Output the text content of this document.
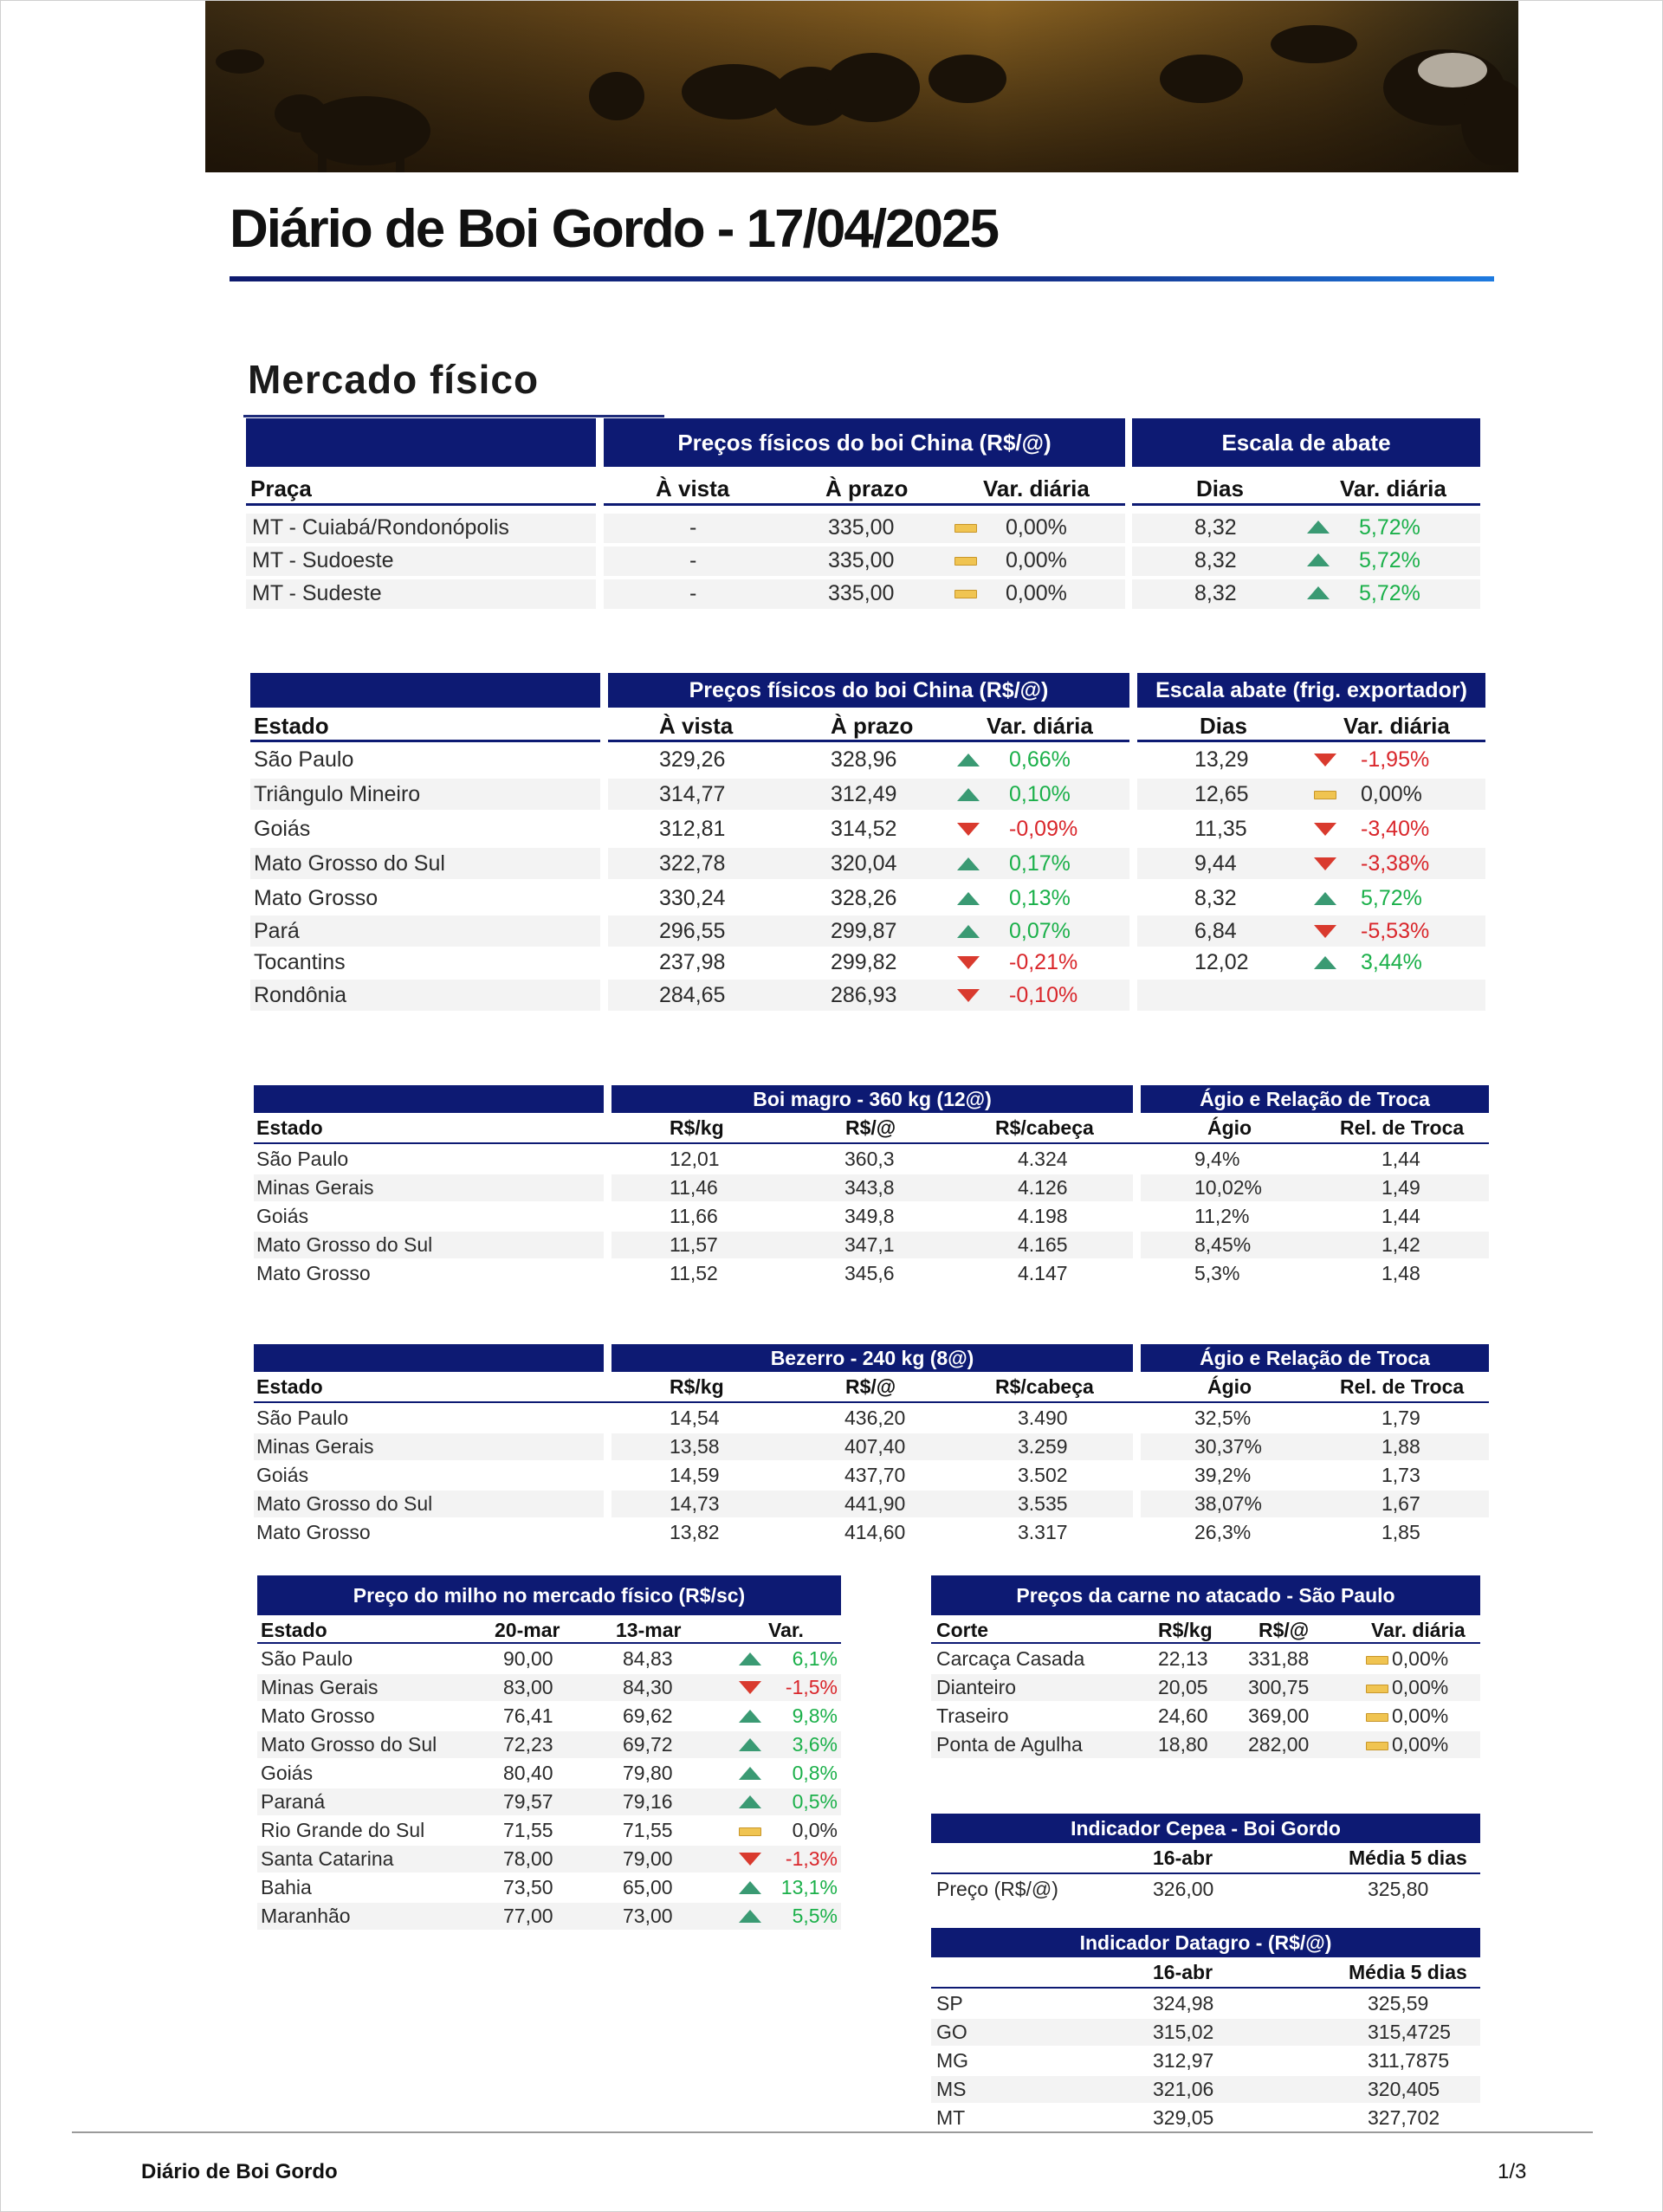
Diário de Boi Gordo - 17/04/2025
Mercado físico
Preços físicos do boi China (R$/@)	Escala de abate
Praça	À vista	À prazo	Var. diária	Dias	Var. diária
MT - Cuiabá/Rondonópolis	-	335,00	0,00%	8,32	5,72%
MT - Sudoeste	-	335,00	0,00%	8,32	5,72%
MT - Sudeste	-	335,00	0,00%	8,32	5,72%
Preços físicos do boi China (R$/@)	Escala abate (frig. exportador)
Estado	À vista	À prazo	Var. diária	Dias	Var. diária
São Paulo	329,26	328,96	0,66%	13,29	-1,95%
Triângulo Mineiro	314,77	312,49	0,10%	12,65	0,00%
Goiás	312,81	314,52	-0,09%	11,35	-3,40%
Mato Grosso do Sul	322,78	320,04	0,17%	9,44	-3,38%
Mato Grosso	330,24	328,26	0,13%	8,32	5,72%
Pará	296,55	299,87	0,07%	6,84	-5,53%
Tocantins	237,98	299,82	-0,21%	12,02	3,44%
Rondônia	284,65	286,93	-0,10%
Boi magro - 360 kg (12@)	Ágio e Relação de Troca
Estado	R$/kg	R$/@	R$/cabeça	Ágio	Rel. de Troca
São Paulo	12,01	360,3	4.324	9,4%	1,44
Minas Gerais	11,46	343,8	4.126	10,02%	1,49
Goiás	11,66	349,8	4.198	11,2%	1,44
Mato Grosso do Sul	11,57	347,1	4.165	8,45%	1,42
Mato Grosso	11,52	345,6	4.147	5,3%	1,48
Bezerro - 240 kg (8@)	Ágio e Relação de Troca
Estado	R$/kg	R$/@	R$/cabeça	Ágio	Rel. de Troca
São Paulo	14,54	436,20	3.490	32,5%	1,79
Minas Gerais	13,58	407,40	3.259	30,37%	1,88
Goiás	14,59	437,70	3.502	39,2%	1,73
Mato Grosso do Sul	14,73	441,90	3.535	38,07%	1,67
Mato Grosso	13,82	414,60	3.317	26,3%	1,85
Preço do milho no mercado físico (R$/sc)
Estado	20-mar	13-mar	Var.
São Paulo	90,00	84,83	6,1%
Minas Gerais	83,00	84,30	-1,5%
Mato Grosso	76,41	69,62	9,8%
Mato Grosso do Sul	72,23	69,72	3,6%
Goiás	80,40	79,80	0,8%
Paraná	79,57	79,16	0,5%
Rio Grande do Sul	71,55	71,55	0,0%
Santa Catarina	78,00	79,00	-1,3%
Bahia	73,50	65,00	13,1%
Maranhão	77,00	73,00	5,5%
Preços da carne no atacado - São Paulo
Corte	R$/kg R$/@	Var. diária
Carcaça Casada	22,13 331,88	0,00%
Dianteiro	20,05 300,75	0,00%
Traseiro	24,60 369,00	0,00%
Ponta de Agulha	18,80 282,00	0,00%
Indicador Cepea - Boi Gordo
16-abr	Média 5 dias
Preço (R$/@)	326,00	325,80
Indicador Datagro - (R$/@)
16-abr	Média 5 dias
SP	324,98	325,59
GO	315,02	315,4725
MG	312,97	311,7875
MS	321,06	320,405
MT	329,05	327,702
Diário de Boi Gordo	1/3
